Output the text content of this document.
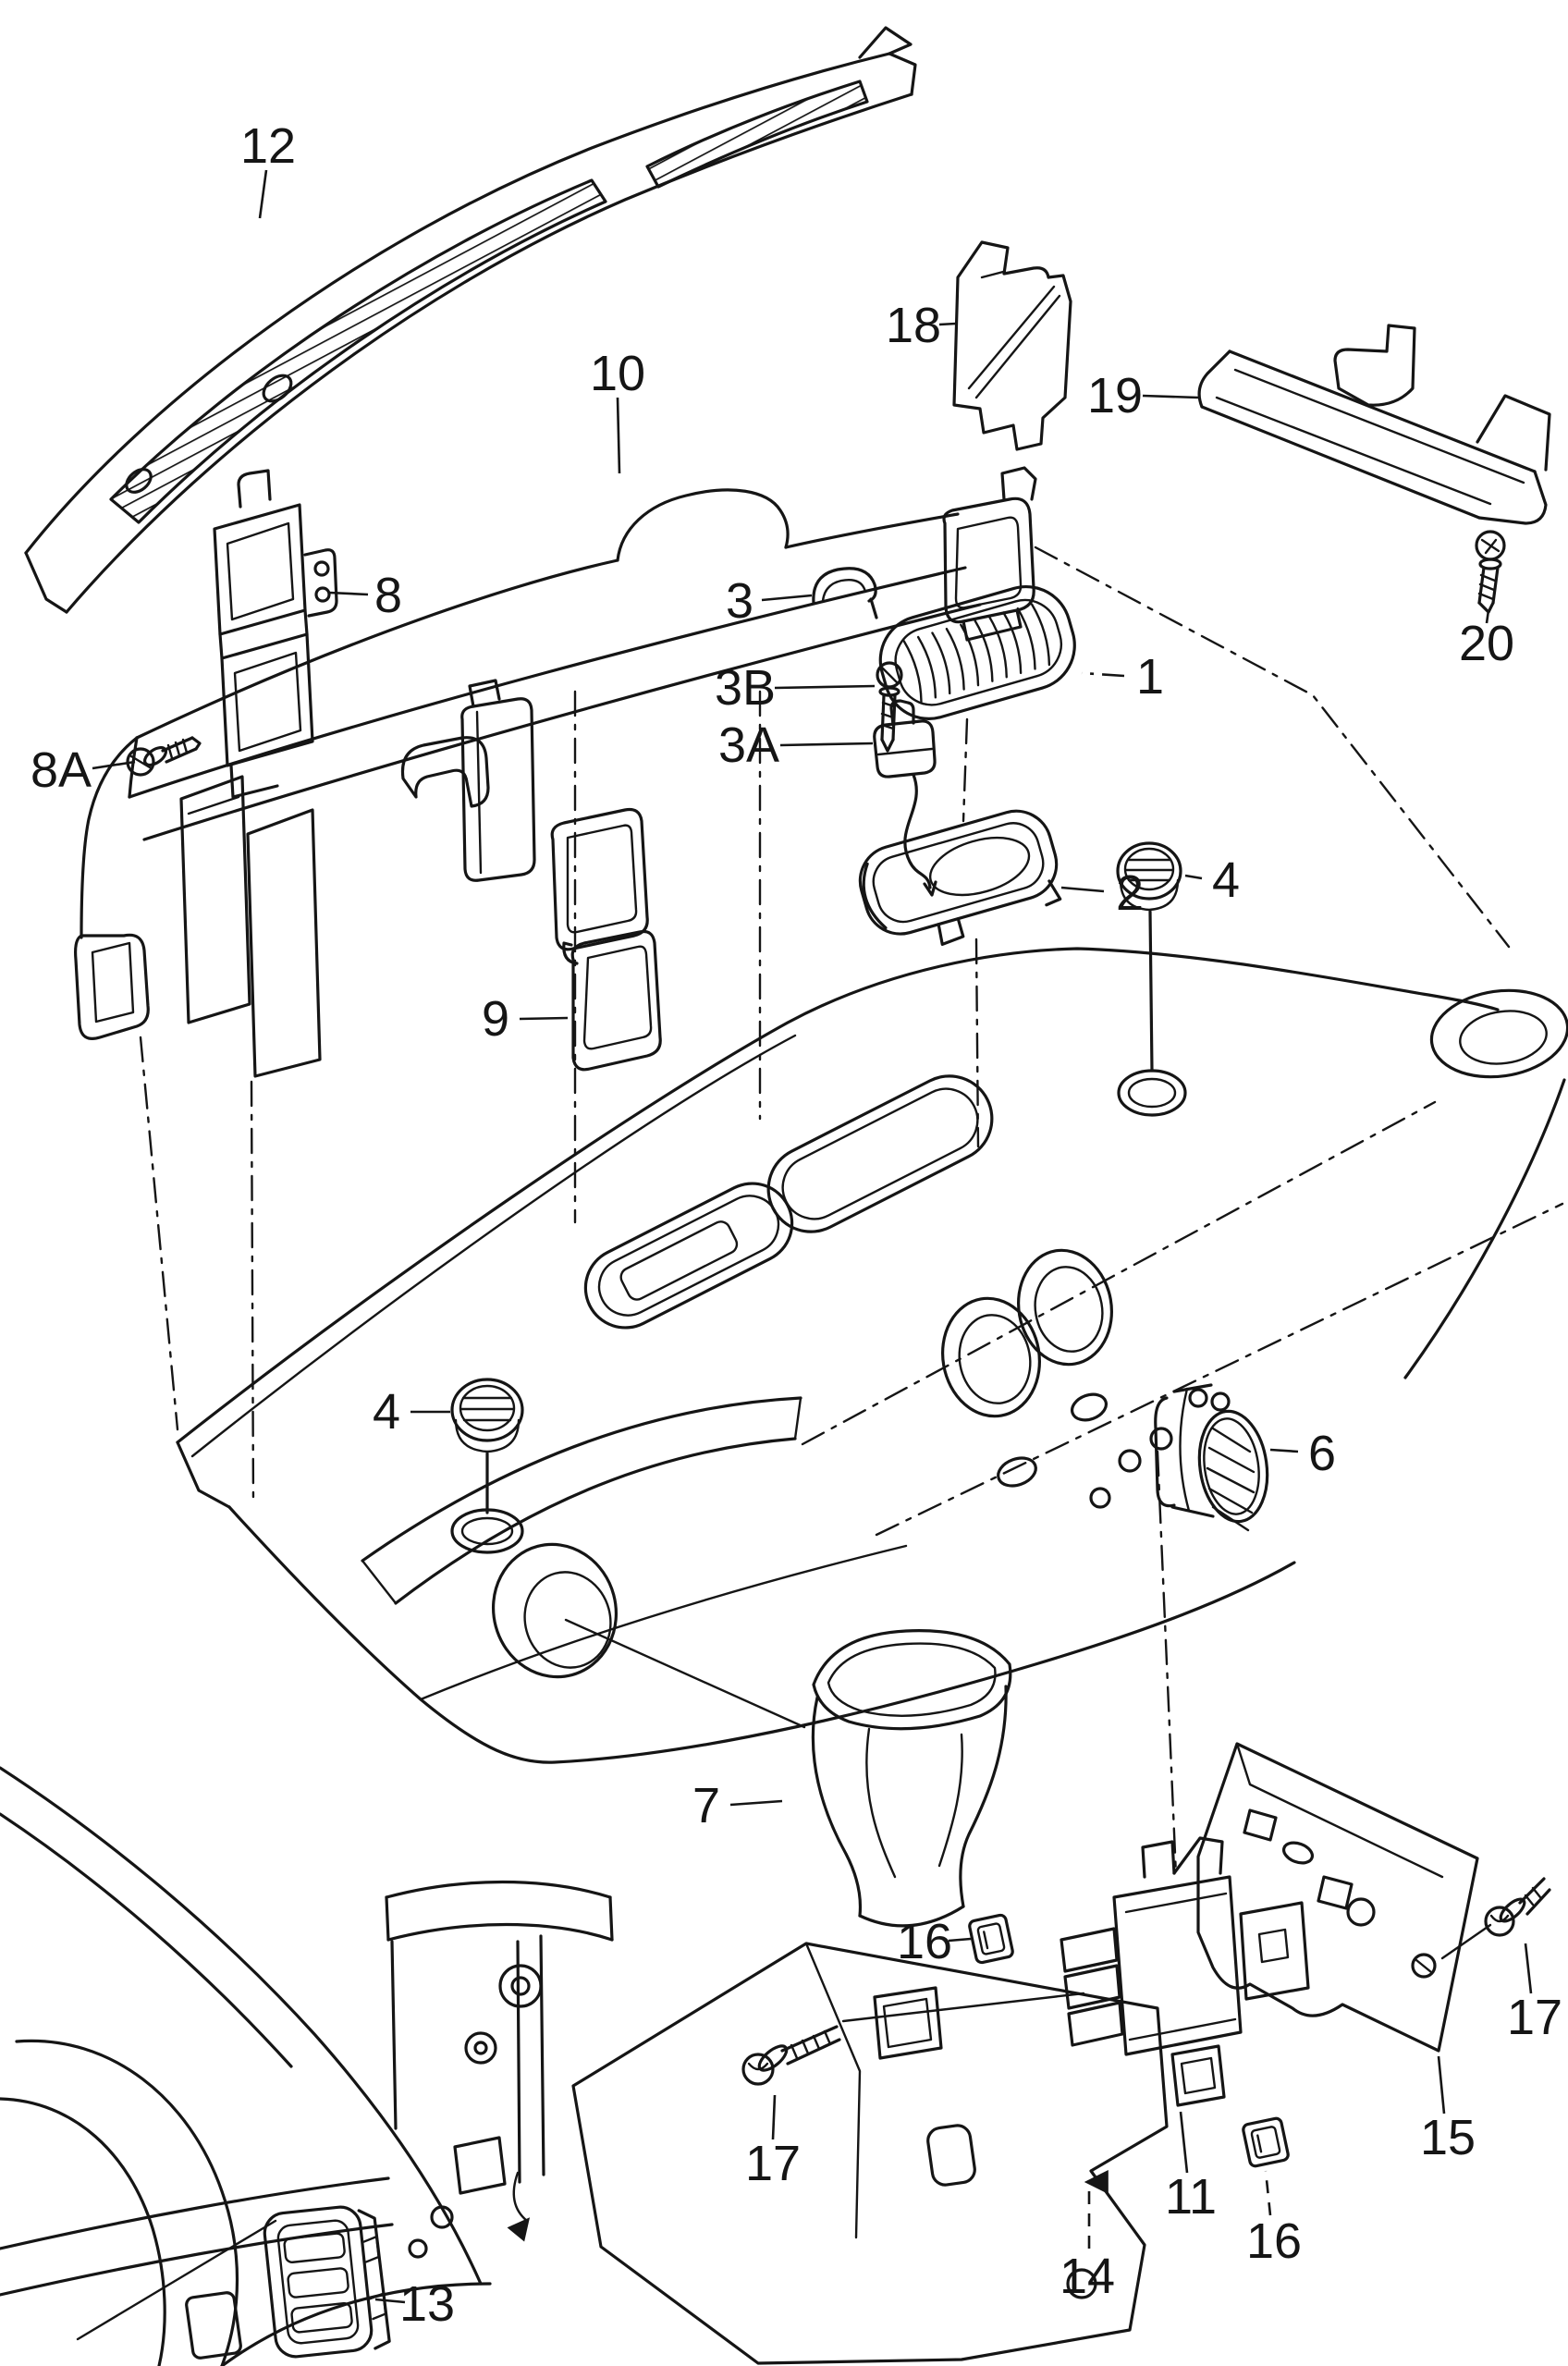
12
10
8
8A
18
19
20
3
3B
3A
1
2 4
4
9
6
7
16
11
16
15
17
17
14
13
